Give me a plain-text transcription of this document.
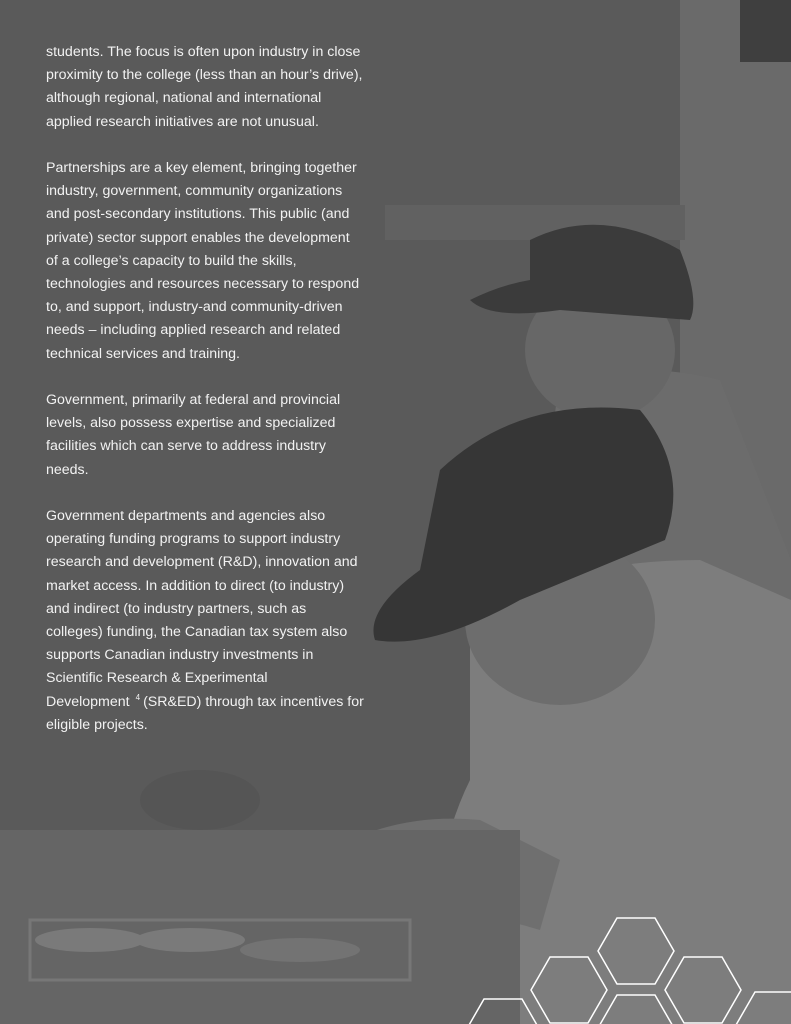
students. The focus is often upon industry in close proximity to the college (less than an hour’s drive), although regional, national and international applied research initiatives are not unusual.

Partnerships are a key element, bringing together industry, government, community organizations and post-secondary institutions. This public (and private) sector support enables the development of a college’s capacity to build the skills, technologies and resources necessary to respond to, and support, industry-and community-driven needs – including applied research and related technical services and training.

Government, primarily at federal and provincial levels, also possess expertise and specialized facilities which can serve to address industry needs.

Government departments and agencies also operating funding programs to support industry research and development (R&D), innovation and market access. In addition to direct (to industry) and indirect (to industry partners, such as colleges) funding, the Canadian tax system also supports Canadian industry investments in Scientific Research & Experimental Development $^4$ (SR&ED) through tax incentives for eligible projects.
